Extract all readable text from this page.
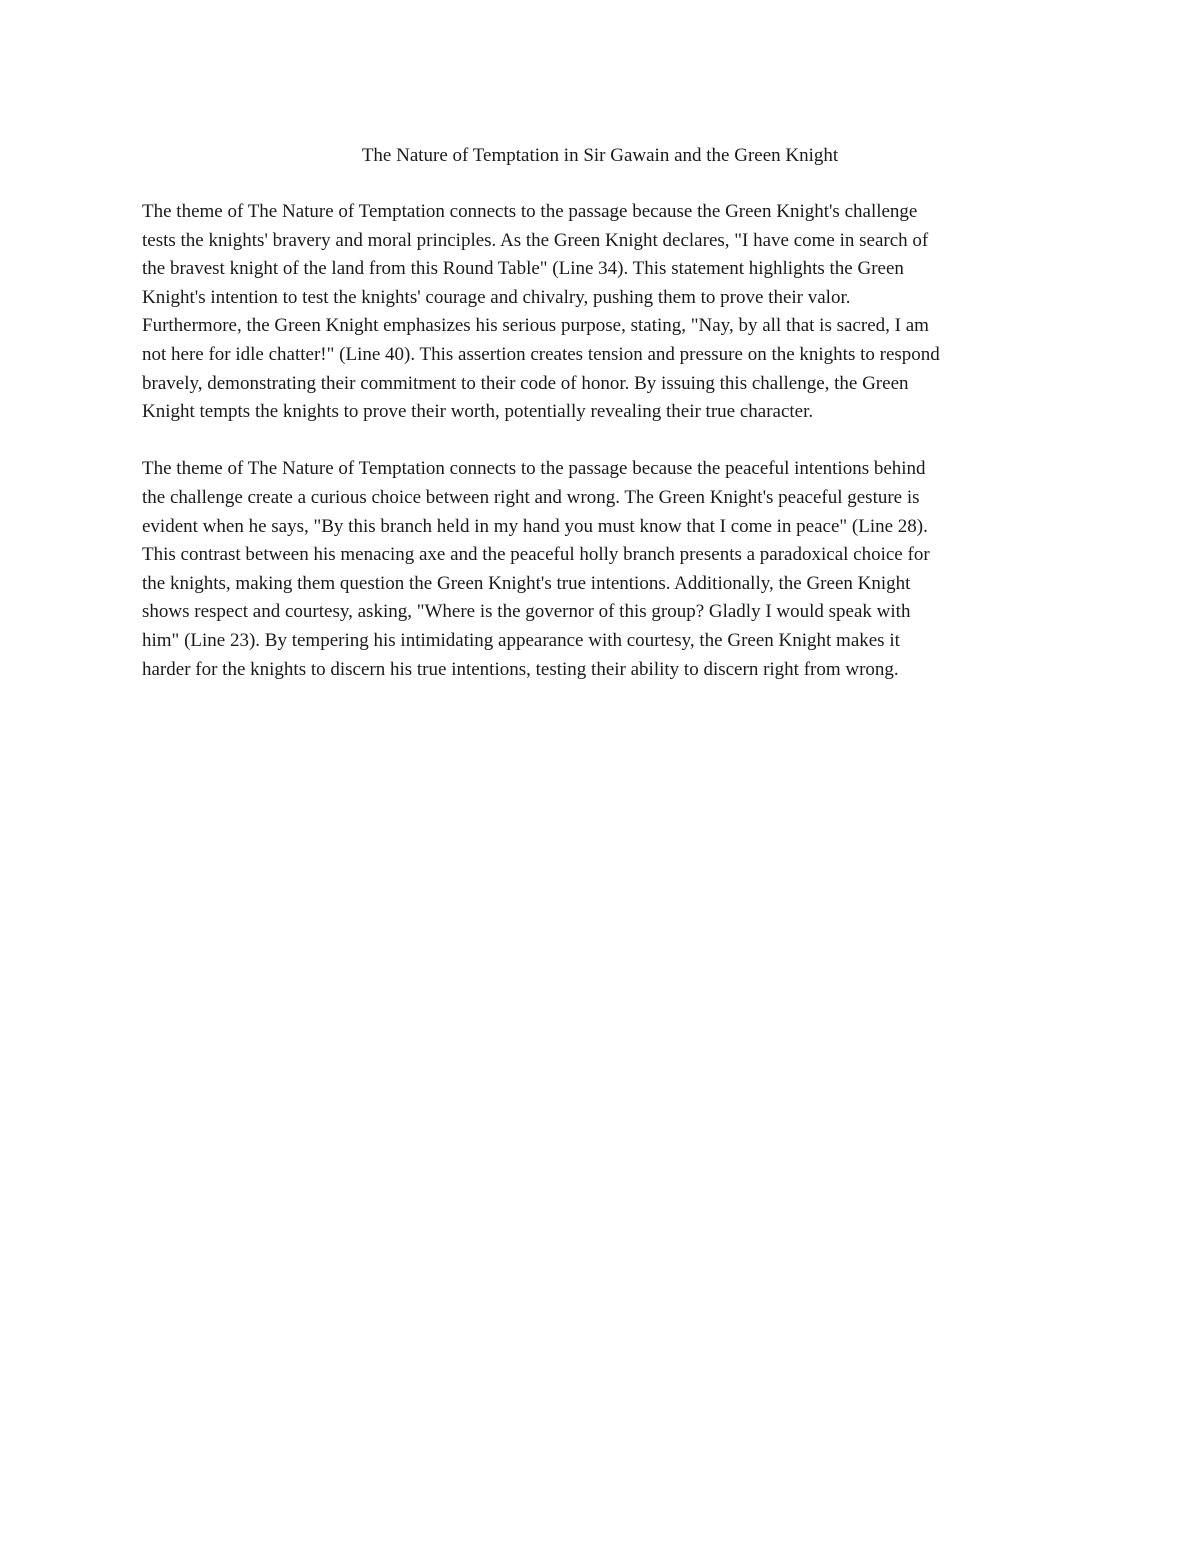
The Nature of Temptation in Sir Gawain and the Green Knight

The theme of The Nature of Temptation connects to the passage because the Green Knight's challenge
tests the knights' bravery and moral principles. As the Green Knight declares, "I have come in search of
the bravest knight of the land from this Round Table" (Line 34). This statement highlights the Green
Knight's intention to test the knights' courage and chivalry, pushing them to prove their valor.
Furthermore, the Green Knight emphasizes his serious purpose, stating, "Nay, by all that is sacred, I am
not here for idle chatter!" (Line 40). This assertion creates tension and pressure on the knights to respond
bravely, demonstrating their commitment to their code of honor. By issuing this challenge, the Green
Knight tempts the knights to prove their worth, potentially revealing their true character.

The theme of The Nature of Temptation connects to the passage because the peaceful intentions behind
the challenge create a curious choice between right and wrong. The Green Knight's peaceful gesture is
evident when he says, "By this branch held in my hand you must know that I come in peace" (Line 28).
This contrast between his menacing axe and the peaceful holly branch presents a paradoxical choice for
the knights, making them question the Green Knight's true intentions. Additionally, the Green Knight
shows respect and courtesy, asking, "Where is the governor of this group? Gladly I would speak with
him" (Line 23). By tempering his intimidating appearance with courtesy, the Green Knight makes it
harder for the knights to discern his true intentions, testing their ability to discern right from wrong.
